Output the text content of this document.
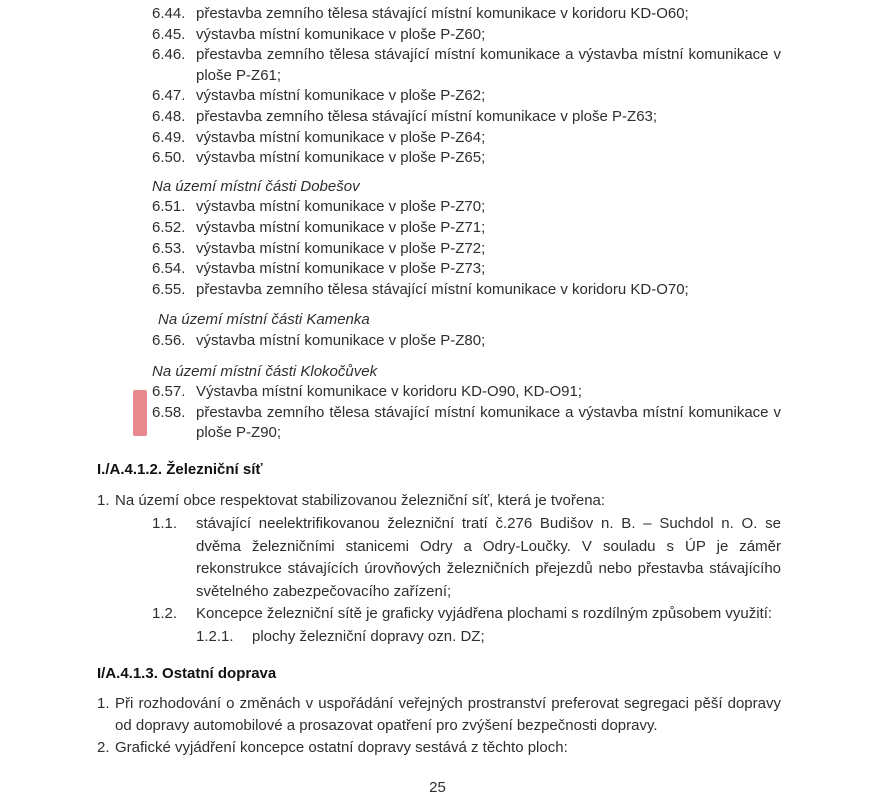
6.44. přestavba zemního tělesa stávající místní komunikace v koridoru KD-O60;
6.45. výstavba místní komunikace v ploše P-Z60;
6.46. přestavba zemního tělesa stávající místní komunikace a výstavba místní komunikace v ploše P-Z61;
6.47. výstavba místní komunikace v ploše P-Z62;
6.48. přestavba zemního tělesa stávající místní komunikace v ploše P-Z63;
6.49. výstavba místní komunikace v ploše P-Z64;
6.50. výstavba místní komunikace v ploše P-Z65;
Na území místní části Dobešov
6.51. výstavba místní komunikace v ploše P-Z70;
6.52. výstavba místní komunikace v ploše P-Z71;
6.53. výstavba místní komunikace v ploše P-Z72;
6.54. výstavba místní komunikace v ploše P-Z73;
6.55. přestavba zemního tělesa stávající místní komunikace v koridoru KD-O70;
Na území místní části Kamenka
6.56. výstavba místní komunikace v ploše P-Z80;
Na území místní části Klokočůvek
6.57. Výstavba místní komunikace v koridoru KD-O90, KD-O91;
6.58. přestavba zemního tělesa stávající místní komunikace a výstavba místní komunikace v ploše P-Z90;
I./A.4.1.2. Železniční síť
1. Na území obce respektovat stabilizovanou železniční síť, která je tvořena:
1.1.	stávající neelektrifikovanou železniční tratí č.276 Budišov n. B. – Suchdol n. O. se dvěma železničními stanicemi Odry a Odry-Loučky. V souladu s ÚP je záměr rekonstrukce stávajících úrovňových železničních přejezdů nebo přestavba stávajícího světelného zabezpečovacího zařízení;
1.2.	Koncepce železniční sítě je graficky vyjádřena plochami s rozdílným způsobem využití:
1.2.1.	plochy železniční dopravy ozn. DZ;
I/A.4.1.3. Ostatní doprava
1. Při rozhodování o změnách v uspořádání veřejných prostranství preferovat segregaci pěší dopravy od dopravy automobilové a prosazovat opatření pro zvýšení bezpečnosti dopravy.
2. Grafické vyjádření koncepce ostatní dopravy sestává z těchto ploch:
25
